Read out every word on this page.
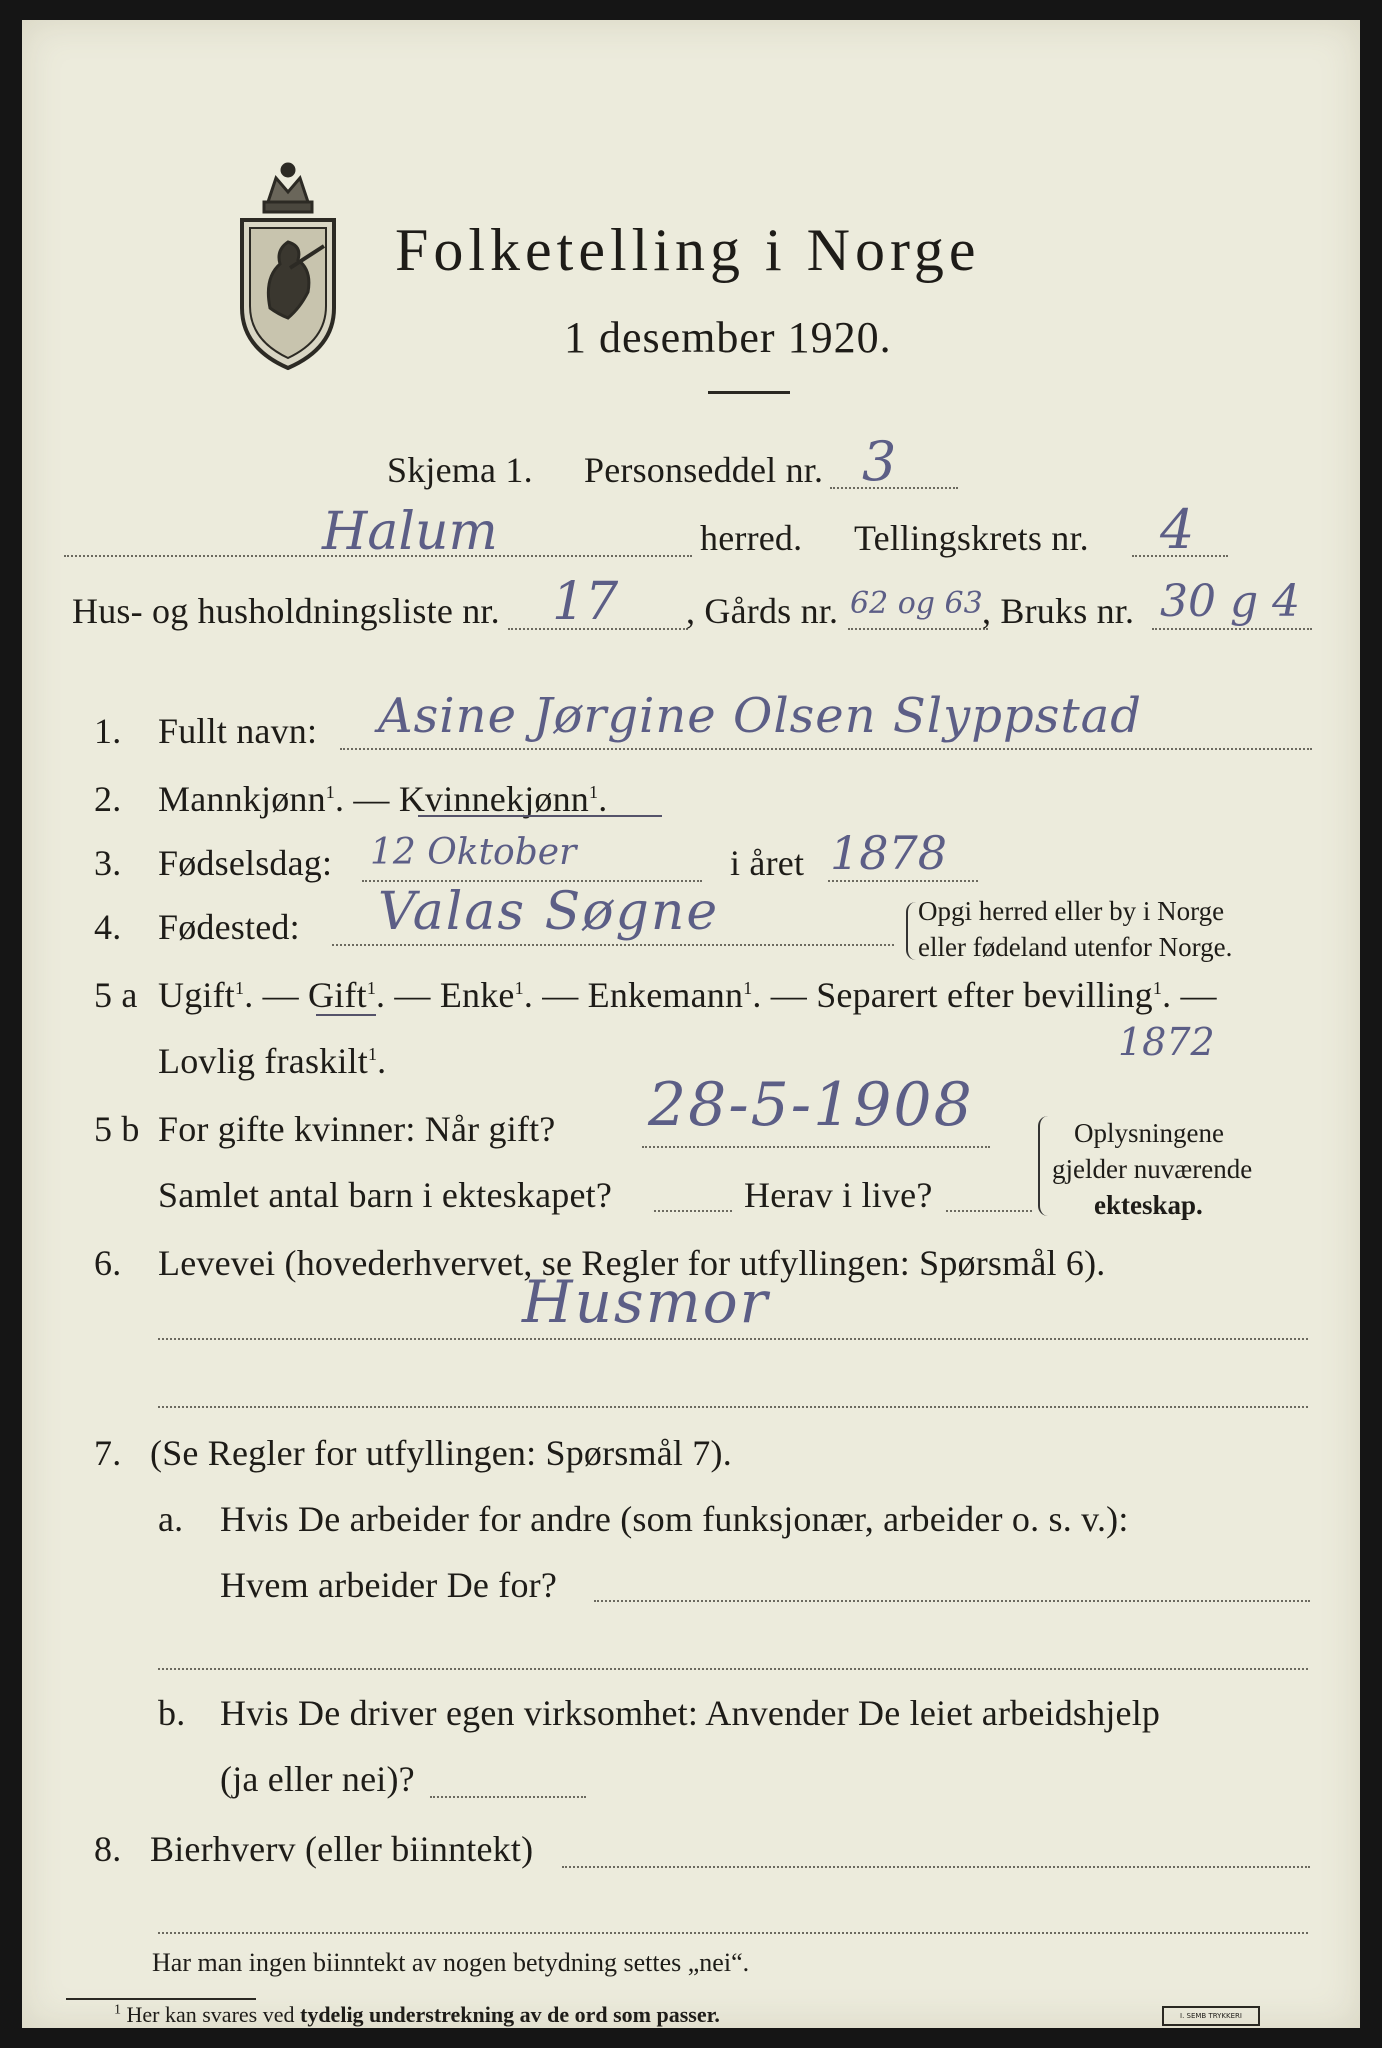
Folketelling i Norge
1 desember 1920.
Skjema 1. Personseddel nr. 3
Halum	herred. Tellingskrets nr. 4
Hus- og husholdningsliste nr. 17 , Gårds nr. 62 og 63 , Bruks nr. 30 g 4
1. Fullt navn: Asine Jørgine Olsen Slyppstad
2. Mannkjønn$^1$. — Kvinnekjønn$^1$.
3. Fødselsdag: 12 Oktober	i året 1878
4. Fødested: Valas Søgne	Opgi herred eller by i Norge
eller fødeland utenfor Norge.
5 a Ugift$^1$. — Gift$^1$. — Enke$^1$. — Enkemann$^1$. — Separert efter bevilling$^1$. —
Lovlig fraskilt$^1$.	1872
5 b For gifte kvinner: Når gift? 28-5-1908
Samlet antal barn i ekteskapet?	Herav i live?
Oplysningene
gjelder nuværende
ekteskap.
6. Levevei (hovederhvervet, se Regler for utfyllingen: Spørsmål 6).
Husmor
7. (Se Regler for utfyllingen: Spørsmål 7).
a. Hvis De arbeider for andre (som funksjonær, arbeider o. s. v.):
Hvem arbeider De for?
b. Hvis De driver egen virksomhet: Anvender De leiet arbeidshjelp
(ja eller nei)?
8. Bierhverv (eller biinntekt)
Har man ingen biinntekt av nogen betydning settes „nei“.
$^1$ Her kan svares ved tydelig understrekning av de ord som passer.	I. SEMB TRYKKERI
